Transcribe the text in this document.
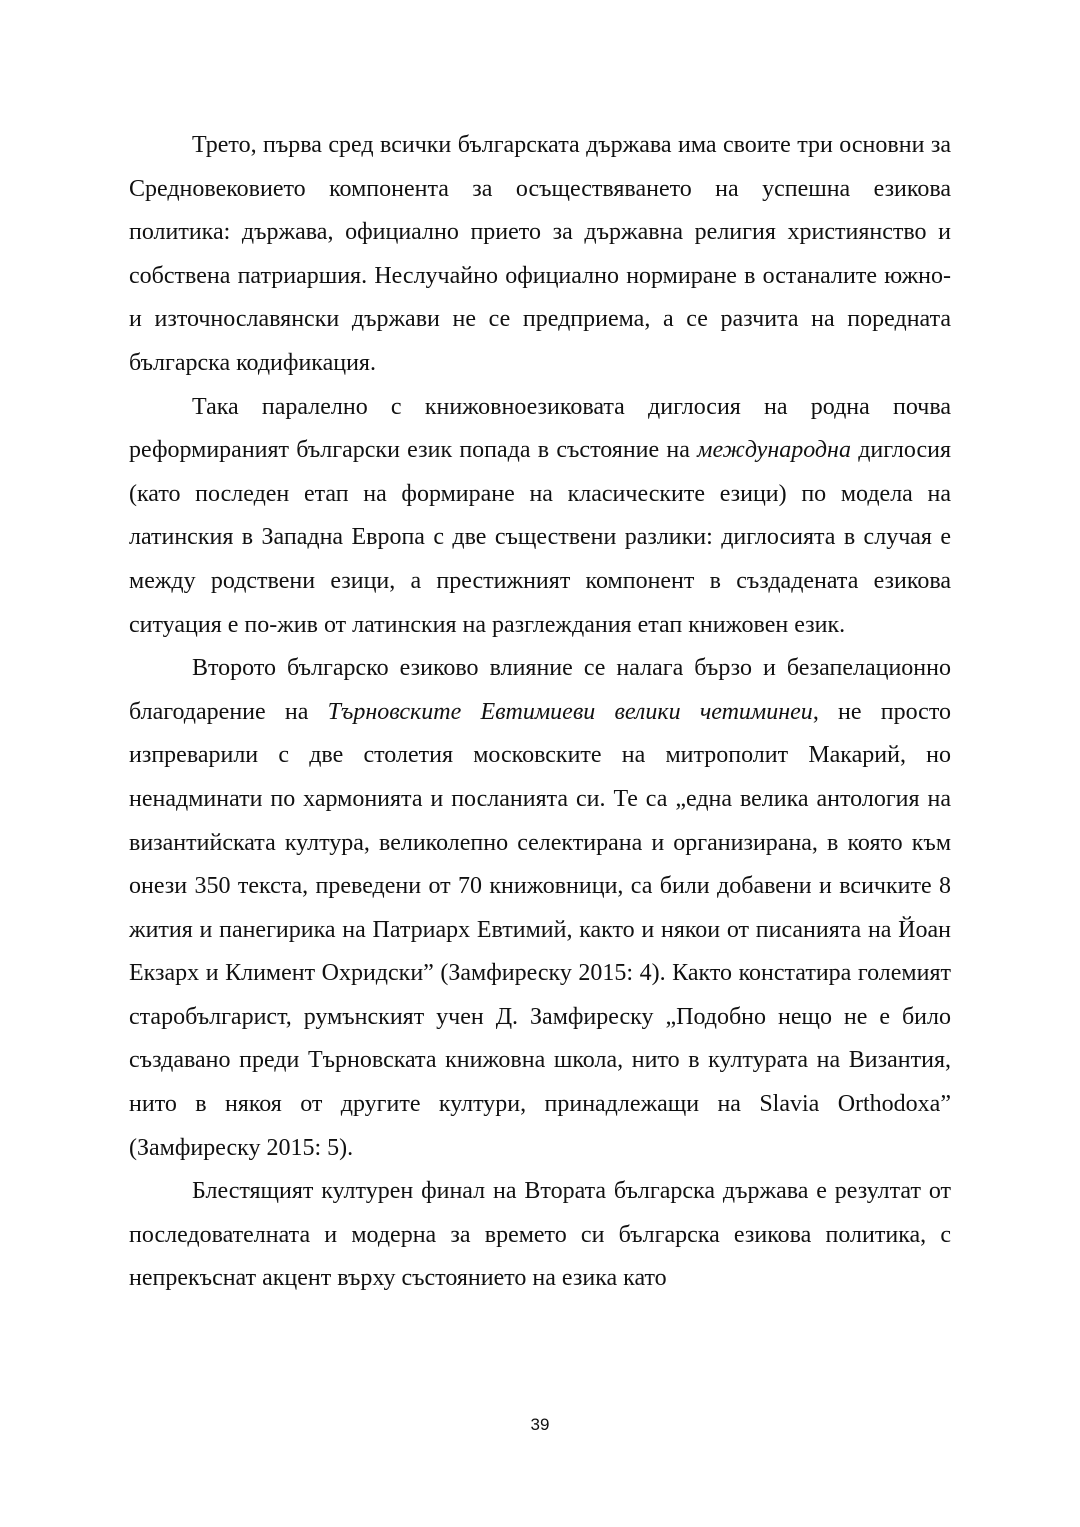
Трето, първа сред всички българската държава има своите три основни за Средновековието компонента за осъществяването на успешна езикова политика: държава, официално прието за държавна религия християнство и собствена патриаршия. Неслучайно официално нормиране в останалите южно- и източнославянски държави не се предприема, а се разчита на поредната българска кодификация.

Така паралелно с книжовноезиковата диглосия на родна почва реформираният български език попада в състояние на международна диглосия (като последен етап на формиране на класическите езици) по модела на латинския в Западна Европа с две съществени разлики: диглосията в случая е между родствени езици, а престижният компонент в създадената езикова ситуация е по-жив от латинския на разглеждания етап книжовен език.

Второто българско езиково влияние се налага бързо и безапелационно благодарение на Търновските Евтимиеви велики четиминеи, не просто изпреварили с две столетия московските на митрополит Макарий, но ненадминати по хармонията и посланията си. Те са „една велика антология на византийската култура, великолепно селектирана и организирана, в която към онези 350 текста, преведени от 70 книжовници, са били добавени и всичките 8 жития и панегирика на Патриарх Евтимий, както и някои от писанията на Йоан Екзарх и Климент Охридски” (Замфиреску 2015: 4). Както констатира големият старобългарист, румънският учен Д. Замфиреску „Подобно нещо не е било създавано преди Търновската книжовна школа, нито в културата на Византия, нито в някоя от другите култури, принадлежащи на Slavia Orthodoxa” (Замфиреску 2015: 5).

Блестящият културен финал на Втората българска държава е резултат от последователната и модерна за времето си българска езикова политика, с непрекъснат акцент върху състоянието на езика като

39
